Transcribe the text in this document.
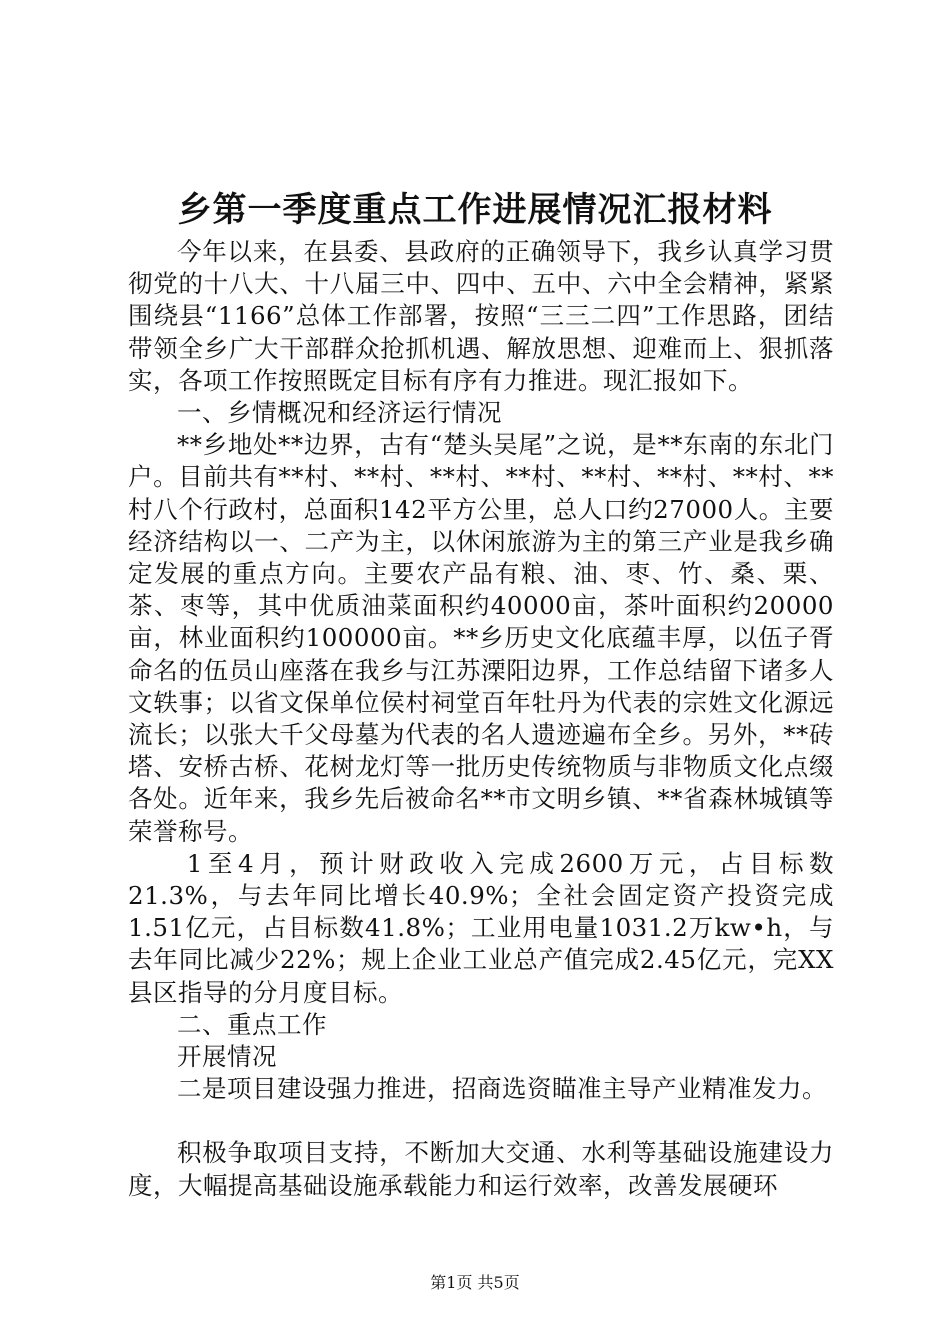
乡第一季度重点工作进展情况汇报材料

今年以来，在县委、县政府的正确领导下，我乡认真学习贯彻党的十八大、十八届三中、四中、五中、六中全会精神，紧紧围绕县“1166”总体工作部署，按照“三三二四”工作思路，团结带领全乡广大干部群众抢抓机遇、解放思想、迎难而上、狠抓落实，各项工作按照既定目标有序有力推进。现汇报如下。

一、乡情概况和经济运行情况

**乡地处**边界，古有“楚头吴尾”之说，是**东南的东北门户。目前共有**村、**村、**村、**村、**村、**村、**村、**村八个行政村，总面积142平方公里，总人口约27000人。主要经济结构以一、二产为主，以休闲旅游为主的第三产业是我乡确定发展的重点方向。主要农产品有粮、油、枣、竹、桑、栗、茶、枣等，其中优质油菜面积约40000亩，茶叶面积约20000亩，林业面积约100000亩。**乡历史文化底蕴丰厚，以伍子胥命名的伍员山座落在我乡与江苏溧阳边界，工作总结留下诸多人文轶事；以省文保单位侯村祠堂百年牡丹为代表的宗姓文化源远流长；以张大千父母墓为代表的名人遗迹遍布全乡。另外，**砖塔、安桥古桥、花树龙灯等一批历史传统物质与非物质文化点缀各处。近年来，我乡先后被命名**市文明乡镇、**省森林城镇等荣誉称号。

1至4月，预计财政收入完成2600万元，占目标数21.3%，与去年同比增长40.9%；全社会固定资产投资完成1.51亿元，占目标数41.8%；工业用电量1031.2万kw•h，与去年同比减少22%；规上企业工业总产值完成2.45亿元，完XX县区指导的分月度目标。

二、重点工作

开展情况

二是项目建设强力推进，招商选资瞄准主导产业精准发力。

积极争取项目支持，不断加大交通、水利等基础设施建设力度，大幅提高基础设施承载能力和运行效率，改善发展硬环

第1页 共5页
